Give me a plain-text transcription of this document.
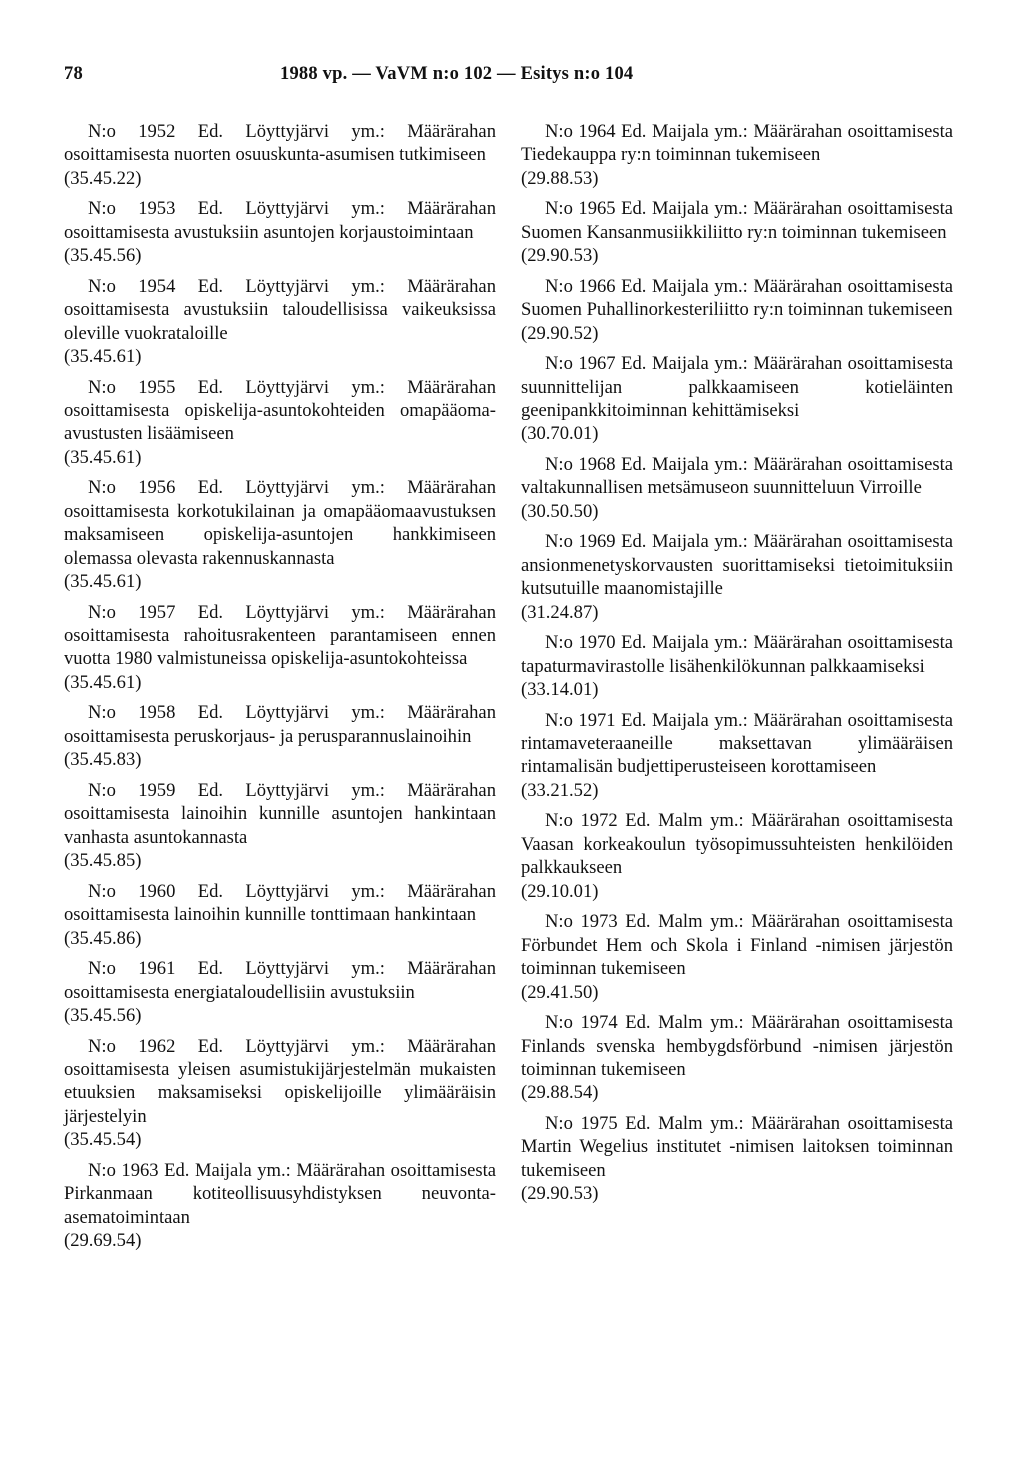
78	1988 vp. — VaVM n:o 102 — Esitys n:o 104

N:o 1952 Ed. Löyttyjärvi ym.: Määrärahan osoittamisesta nuorten osuuskunta-asumisen tutkimiseen

(35.45.22)

N:o 1953 Ed. Löyttyjärvi ym.: Määrärahan osoittamisesta avustuksiin asuntojen korjaustoimintaan

(35.45.56)

N:o 1954 Ed. Löyttyjärvi ym.: Määrärahan osoittamisesta avustuksiin taloudellisissa vaikeuksissa oleville vuokrataloille

(35.45.61)

N:o 1955 Ed. Löyttyjärvi ym.: Määrärahan osoittamisesta opiskelija-asuntokohteiden omapääoma-avustusten lisäämiseen

(35.45.61)

N:o 1956 Ed. Löyttyjärvi ym.: Määrärahan osoittamisesta korkotukilainan ja omapääomaavustuksen maksamiseen opiskelija-asuntojen hankkimiseen olemassa olevasta rakennuskannasta

(35.45.61)

N:o 1957 Ed. Löyttyjärvi ym.: Määrärahan osoittamisesta rahoitusrakenteen parantamiseen ennen vuotta 1980 valmistuneissa opiskelija-asuntokohteissa

(35.45.61)

N:o 1958 Ed. Löyttyjärvi ym.: Määrärahan osoittamisesta peruskorjaus- ja perusparannuslainoihin

(35.45.83)

N:o 1959 Ed. Löyttyjärvi ym.: Määrärahan osoittamisesta lainoihin kunnille asuntojen hankintaan vanhasta asuntokannasta

(35.45.85)

N:o 1960 Ed. Löyttyjärvi ym.: Määrärahan osoittamisesta lainoihin kunnille tonttimaan hankintaan

(35.45.86)

N:o 1961 Ed. Löyttyjärvi ym.: Määrärahan osoittamisesta energiataloudellisiin avustuksiin

(35.45.56)

N:o 1962 Ed. Löyttyjärvi ym.: Määrärahan osoittamisesta yleisen asumistukijärjestelmän mukaisten etuuksien maksamiseksi opiskelijoille ylimääräisin järjestelyin

(35.45.54)

N:o 1963 Ed. Maijala ym.: Määrärahan osoittamisesta Pirkanmaan kotiteollisuusyhdistyksen neuvonta-asematoimintaan

(29.69.54)

N:o 1964 Ed. Maijala ym.: Määrärahan osoittamisesta Tiedekauppa ry:n toiminnan tukemiseen

(29.88.53)

N:o 1965 Ed. Maijala ym.: Määrärahan osoittamisesta Suomen Kansanmusiikkiliitto ry:n toiminnan tukemiseen

(29.90.53)

N:o 1966 Ed. Maijala ym.: Määrärahan osoittamisesta Suomen Puhallinorkesteriliitto ry:n toiminnan tukemiseen

(29.90.52)

N:o 1967 Ed. Maijala ym.: Määrärahan osoittamisesta suunnittelijan palkkaamiseen kotieläinten geenipankkitoiminnan kehittämiseksi

(30.70.01)

N:o 1968 Ed. Maijala ym.: Määrärahan osoittamisesta valtakunnallisen metsämuseon suunnitteluun Virroille

(30.50.50)

N:o 1969 Ed. Maijala ym.: Määrärahan osoittamisesta ansionmenetyskorvausten suorittamiseksi tietoimituksiin kutsutuille maanomistajille

(31.24.87)

N:o 1970 Ed. Maijala ym.: Määrärahan osoittamisesta tapaturmavirastolle lisähenkilökunnan palkkaamiseksi

(33.14.01)

N:o 1971 Ed. Maijala ym.: Määrärahan osoittamisesta rintamaveteraaneille maksettavan ylimääräisen rintamalisän budjettiperusteiseen korottamiseen

(33.21.52)

N:o 1972 Ed. Malm ym.: Määrärahan osoittamisesta Vaasan korkeakoulun työsopimussuhteisten henkilöiden palkkaukseen

(29.10.01)

N:o 1973 Ed. Malm ym.: Määrärahan osoittamisesta Förbundet Hem och Skola i Finland -nimisen järjestön toiminnan tukemiseen

(29.41.50)

N:o 1974 Ed. Malm ym.: Määrärahan osoittamisesta Finlands svenska hembygdsförbund -nimisen järjestön toiminnan tukemiseen

(29.88.54)

N:o 1975 Ed. Malm ym.: Määrärahan osoittamisesta Martin Wegelius institutet -nimisen laitoksen toiminnan tukemiseen

(29.90.53)
